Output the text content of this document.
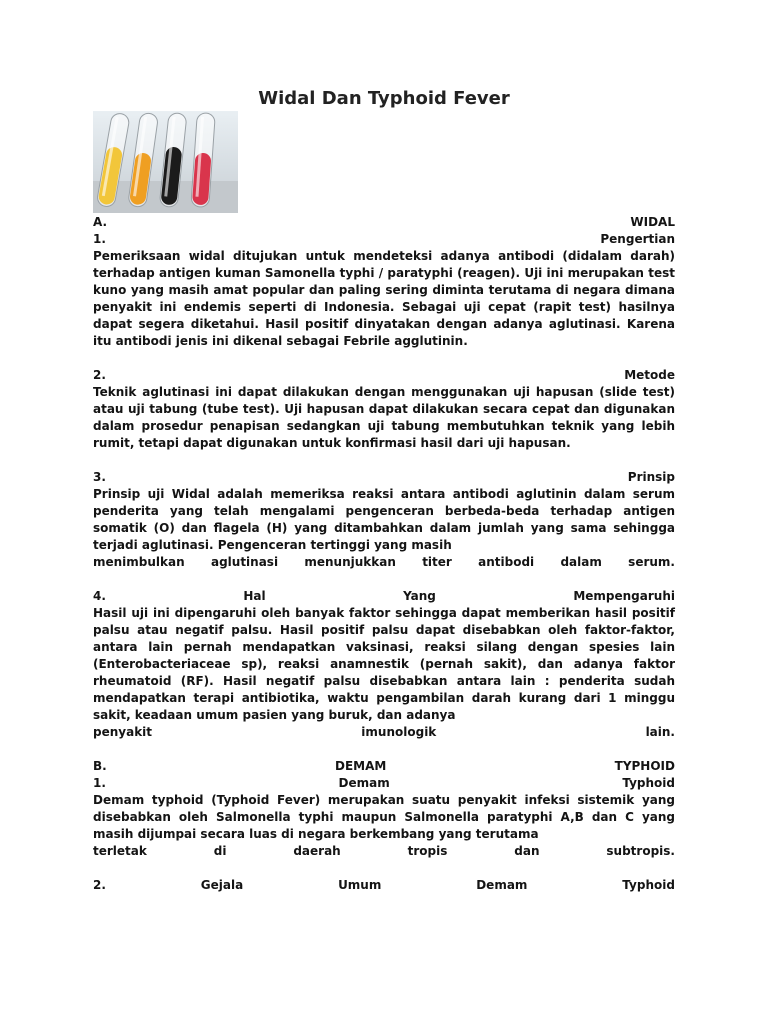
Widal Dan Typhoid Fever
A.	WIDAL
1.	Pengertian
Pemeriksaan widal ditujukan untuk mendeteksi adanya antibodi (didalam darah) terhadap antigen kuman Samonella typhi / paratyphi (reagen). Uji ini merupakan test kuno yang masih amat popular dan paling sering diminta terutama di negara dimana penyakit ini endemis seperti di Indonesia. Sebagai uji cepat (rapit test) hasilnya dapat segera diketahui. Hasil positif dinyatakan dengan adanya aglutinasi. Karena itu antibodi jenis ini dikenal sebagai Febrile agglutinin.
2.	Metode
Teknik aglutinasi ini dapat dilakukan dengan menggunakan uji hapusan (slide test) atau uji tabung (tube test). Uji hapusan dapat dilakukan secara cepat dan digunakan dalam prosedur penapisan sedangkan uji tabung membutuhkan teknik yang lebih rumit, tetapi dapat digunakan untuk konfirmasi hasil dari uji hapusan.
3.	Prinsip
Prinsip uji Widal adalah memeriksa reaksi antara antibodi aglutinin dalam serum penderita yang telah mengalami pengenceran berbeda-beda terhadap antigen somatik (O) dan flagela (H) yang ditambahkan dalam jumlah yang sama sehingga terjadi aglutinasi. Pengenceran tertinggi yang masih
menimbulkan aglutinasi menunjukkan titer antibodi dalam serum.
4.	Hal	Yang	Mempengaruhi
Hasil uji ini dipengaruhi oleh banyak faktor sehingga dapat memberikan hasil positif palsu atau negatif palsu. Hasil positif palsu dapat disebabkan oleh faktor-faktor, antara lain pernah mendapatkan vaksinasi, reaksi silang dengan spesies lain (Enterobacteriaceae sp), reaksi anamnestik (pernah sakit), dan adanya faktor rheumatoid (RF). Hasil negatif palsu disebabkan antara lain : penderita sudah mendapatkan terapi antibiotika, waktu pengambilan darah kurang dari 1 minggu sakit, keadaan umum pasien yang buruk, dan adanya
penyakit	imunologik	lain.
B.	DEMAM	TYPHOID
1.	Demam	Typhoid
Demam typhoid (Typhoid Fever) merupakan suatu penyakit infeksi sistemik yang disebabkan oleh Salmonella typhi maupun Salmonella paratyphi A,B dan C yang masih dijumpai secara luas di negara berkembang yang terutama
terletak	di	daerah	tropis	dan	subtropis.
2.	Gejala	Umum	Demam	Typhoid
